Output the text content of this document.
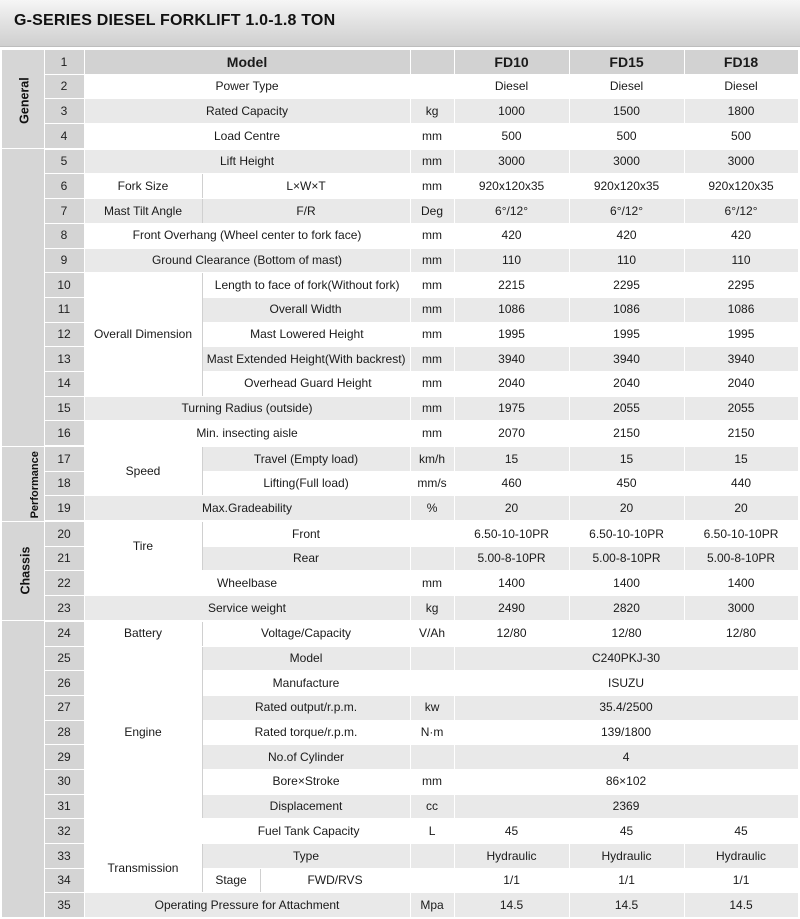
G-SERIES DIESEL FORKLIFT 1.0-1.8 TON
General	1	Model				FD10	FD15	FD18
	2	Power Type				Diesel	Diesel	Diesel
	3	Rated Capacity			kg	1000	1500	1800
	4	Load Centre			mm	500	500	500
	5	Lift Height			mm	3000	3000	3000
	6	Fork Size	L×W×T		mm	920x120x35	920x120x35	920x120x35
	7	Mast Tilt Angle	F/R		Deg	6°/12°	6°/12°	6°/12°
	8	Front Overhang (Wheel center to fork face)			mm	420	420	420
	9	Ground Clearance (Bottom of mast)			mm	110	110	110
	10	Overall Dimension	Length to face of fork(Without fork)		mm	2215	2295	2295
	11		Overall Width		mm	1086	1086	1086
	12		Mast Lowered Height		mm	1995	1995	1995
	13		Mast Extended Height(With backrest)		mm	3940	3940	3940
	14		Overhead Guard Height		mm	2040	2040	2040
	15	Turning Radius (outside)			mm	1975	2055	2055
	16	Min. insecting aisle			mm	2070	2150	2150
Performance	17	Speed	Travel (Empty load)		km/h	15	15	15
	18		Lifting(Full load)		mm/s	460	450	440
	19	Max.Gradeability			%	20	20	20
Chassis	20	Tire	Front			6.50-10-10PR	6.50-10-10PR	6.50-10-10PR
	21		Rear			5.00-8-10PR	5.00-8-10PR	5.00-8-10PR
	22	Wheelbase			mm	1400	1400	1400
	23	Service weight			kg	2490	2820	3000
	24	Battery	Voltage/Capacity		V/Ah	12/80	12/80	12/80
	25	Engine	Model			C240PKJ-30		
	26		Manufacture			ISUZU		
	27		Rated output/r.p.m.		kw	35.4/2500		
	28		Rated torque/r.p.m.		N·m	139/1800		
	29		No.of Cylinder			4		
	30		Bore×Stroke		mm	86×102		
	31		Displacement		cc	2369		
	32	Fuel Tank Capacity			L	45	45	45
	33	Transmission	Type			Hydraulic	Hydraulic	Hydraulic
	34		Stage	FWD/RVS		1/1	1/1	1/1
	35	Operating Pressure for Attachment			Mpa	14.5	14.5	14.5
